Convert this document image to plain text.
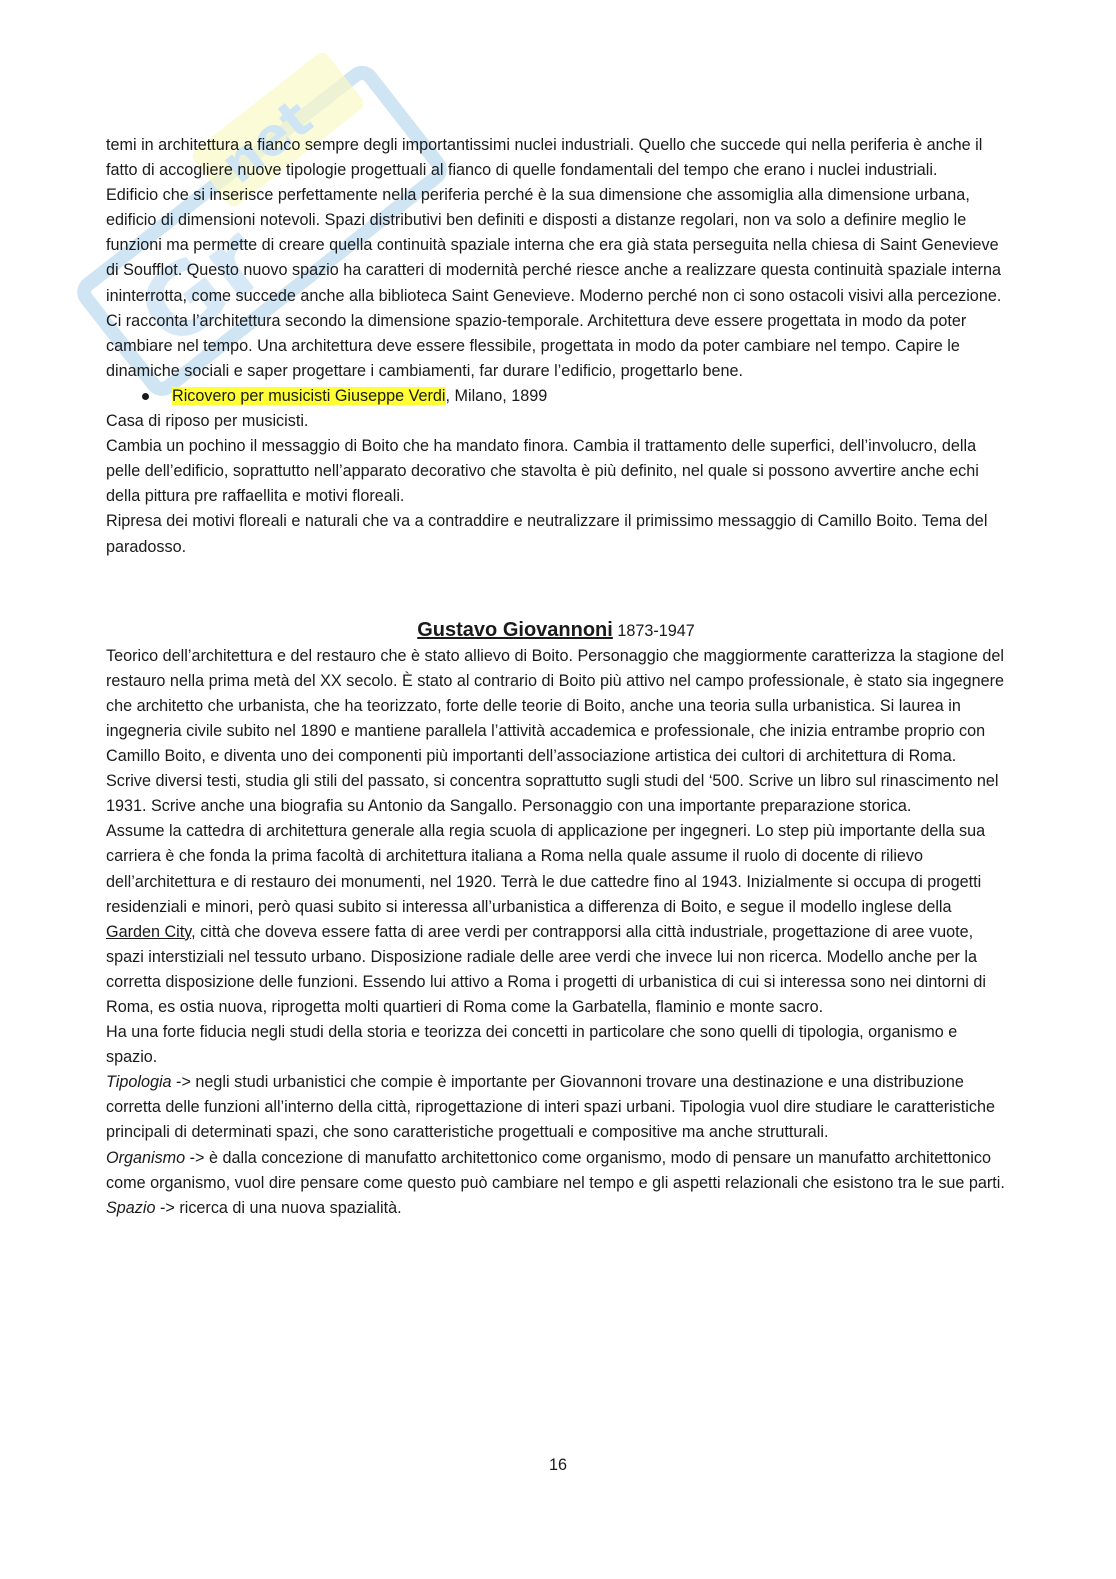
Gr
net

temi in architettura a fianco sempre degli importantissimi nuclei industriali. Quello che succede qui nella periferia è anche il fatto di accogliere nuove tipologie progettuali al fianco di quelle fondamentali del tempo che erano i nuclei industriali.

Edificio che si inserisce perfettamente nella periferia perché è la sua dimensione che assomiglia alla dimensione urbana, edificio di dimensioni notevoli. Spazi distributivi ben definiti e disposti a distanze regolari, non va solo a definire meglio le funzioni ma permette di creare quella continuità spaziale interna che era già stata perseguita nella chiesa di Saint Genevieve di Soufflot. Questo nuovo spazio ha caratteri di modernità perché riesce anche a realizzare questa continuità spaziale interna ininterrotta, come succede anche alla biblioteca Saint Genevieve. Moderno perché non ci sono ostacoli visivi alla percezione.

Ci racconta l’architettura secondo la dimensione spazio-temporale. Architettura deve essere progettata in modo da poter cambiare nel tempo. Una architettura deve essere flessibile, progettata in modo da poter cambiare nel tempo. Capire le dinamiche sociali e saper progettare i cambiamenti, far durare l’edificio, progettarlo bene.

Ricovero per musicisti Giuseppe Verdi, Milano, 1899

Casa di riposo per musicisti.

Cambia un pochino il messaggio di Boito che ha mandato finora. Cambia il trattamento delle superfici, dell’involucro, della pelle dell’edificio, soprattutto nell’apparato decorativo che stavolta è più definito, nel quale si possono avvertire anche echi della pittura pre raffaellita e motivi floreali.

Ripresa dei motivi floreali e naturali che va a contraddire e neutralizzare il primissimo messaggio di Camillo Boito. Tema del paradosso.

Gustavo Giovannoni 1873-1947

Teorico dell’architettura e del restauro che è stato allievo di Boito. Personaggio che maggiormente caratterizza la stagione del restauro nella prima metà del XX secolo. È stato al contrario di Boito più attivo nel campo professionale, è stato sia ingegnere che architetto che urbanista, che ha teorizzato, forte delle teorie di Boito, anche una teoria sulla urbanistica. Si laurea in ingegneria civile subito nel 1890 e mantiene parallela l’attività accademica e professionale, che inizia entrambe proprio con Camillo Boito, e diventa uno dei componenti più importanti dell’associazione artistica dei cultori di architettura di Roma.

Scrive diversi testi, studia gli stili del passato, si concentra soprattutto sugli studi del ‘500. Scrive un libro sul rinascimento nel 1931. Scrive anche una biografia su Antonio da Sangallo. Personaggio con una importante preparazione storica.

Assume la cattedra di architettura generale alla regia scuola di applicazione per ingegneri. Lo step più importante della sua carriera è che fonda la prima facoltà di architettura italiana a Roma nella quale assume il ruolo di docente di rilievo dell’architettura e di restauro dei monumenti, nel 1920. Terrà le due cattedre fino al 1943. Inizialmente si occupa di progetti residenziali e minori, però quasi subito si interessa all’urbanistica a differenza di Boito, e segue il modello inglese della Garden City, città che doveva essere fatta di aree verdi per contrapporsi alla città industriale, progettazione di aree vuote, spazi interstiziali nel tessuto urbano. Disposizione radiale delle aree verdi che invece lui non ricerca. Modello anche per la corretta disposizione delle funzioni. Essendo lui attivo a Roma i progetti di urbanistica di cui si interessa sono nei dintorni di Roma, es ostia nuova, riprogetta molti quartieri di Roma come la Garbatella, flaminio e monte sacro.

Ha una forte fiducia negli studi della storia e teorizza dei concetti in particolare che sono quelli di tipologia, organismo e spazio.

Tipologia -> negli studi urbanistici che compie è importante per Giovannoni trovare una destinazione e una distribuzione corretta delle funzioni all’interno della città, riprogettazione di interi spazi urbani. Tipologia vuol dire studiare le caratteristiche principali di determinati spazi, che sono caratteristiche progettuali e compositive ma anche strutturali.

Organismo -> è dalla concezione di manufatto architettonico come organismo, modo di pensare un manufatto architettonico come organismo, vuol dire pensare come questo può cambiare nel tempo e gli aspetti relazionali che esistono tra le sue parti.

Spazio -> ricerca di una nuova spazialità.

16
